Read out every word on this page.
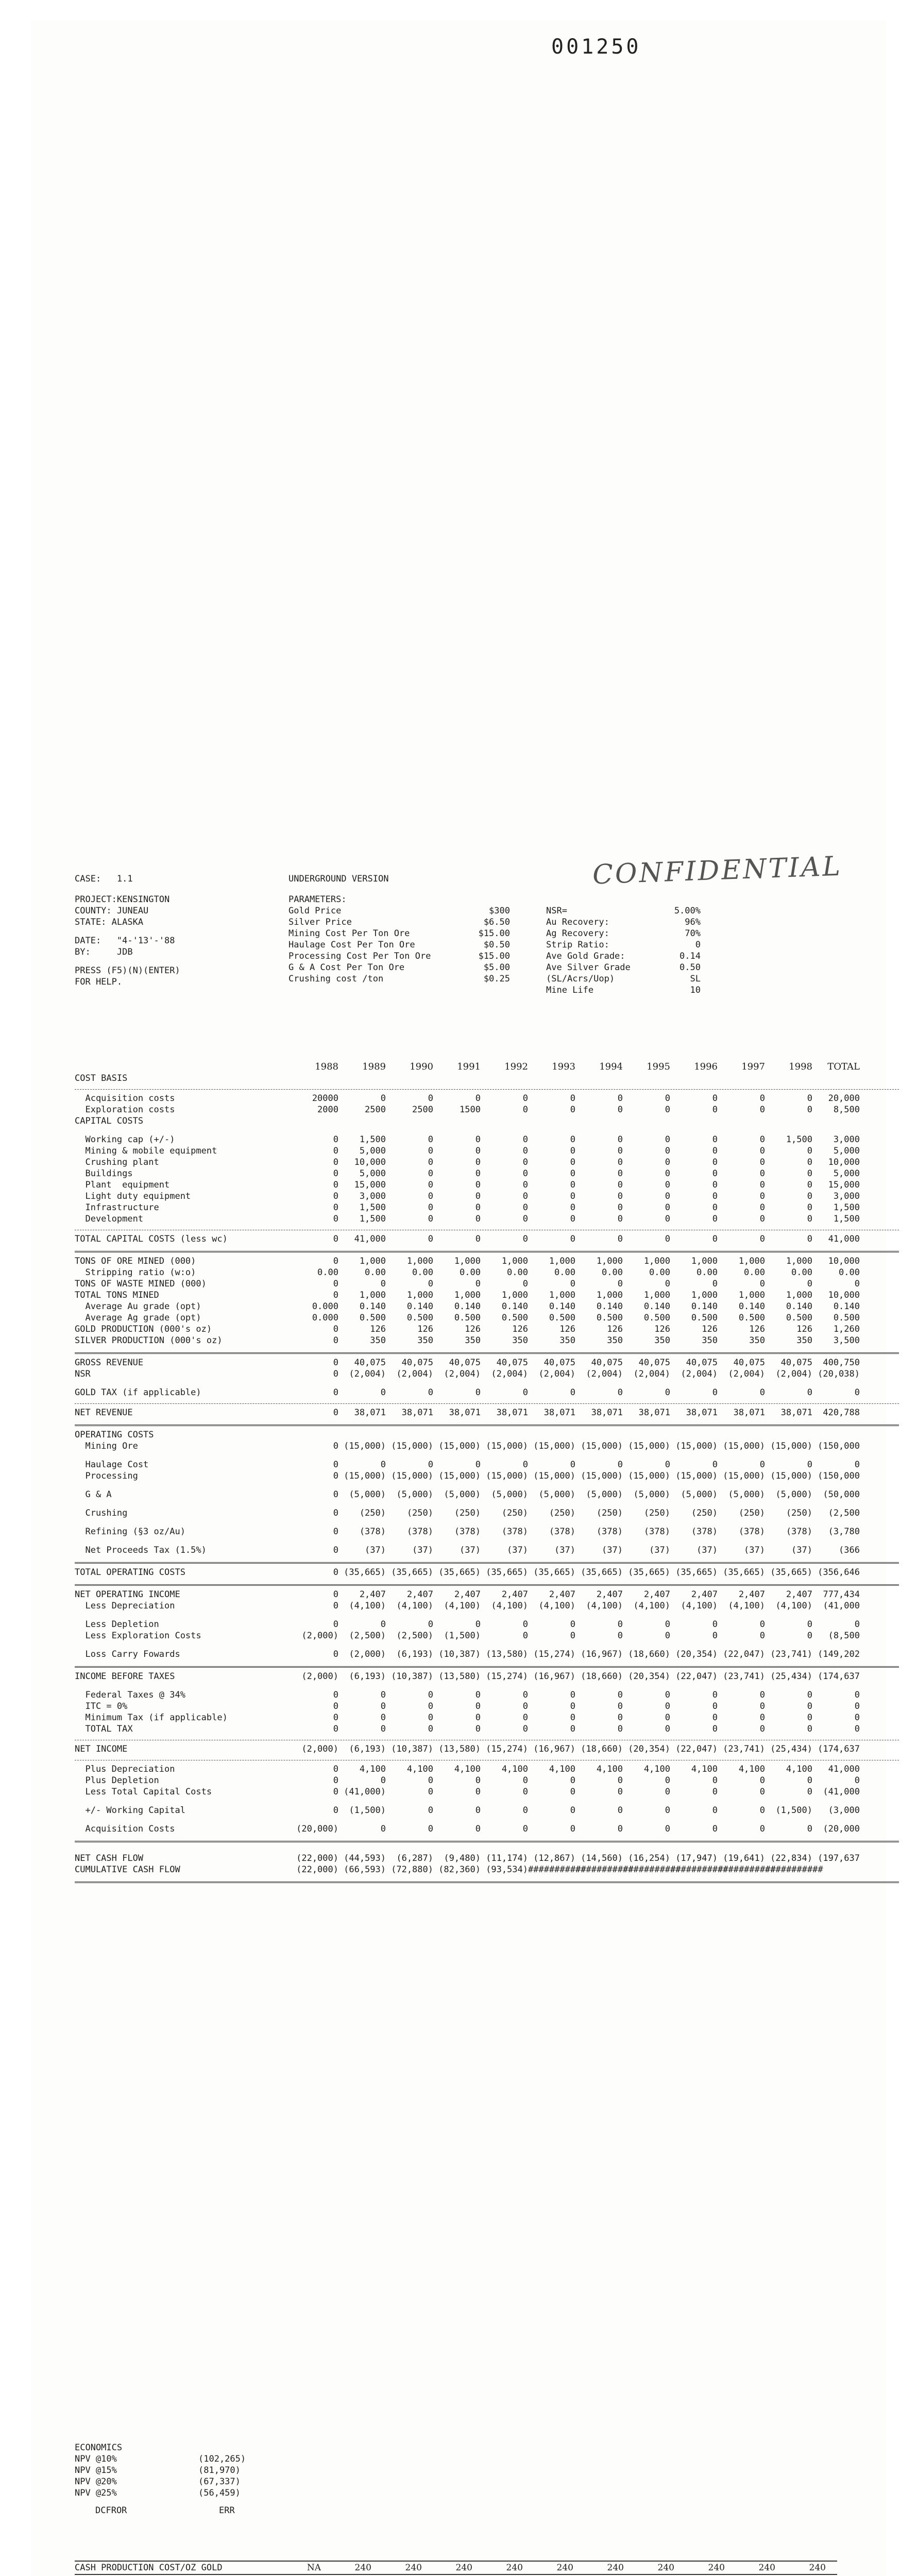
001250
CONFIDENTIAL
CASE: 1.1	UNDERGROUND VERSION
PROJECT:KENSINGTON
COUNTY: JUNEAU
STATE: ALASKA
DATE:   "4-'13'-'88
BY:     JDB
PRESS (F5)(N)(ENTER)
FOR HELP.
PARAMETERS:
Gold Price	$300	NSR=	5.00%
Silver Price	$6.50	Au Recovery:	96%
Mining Cost Per Ton Ore	$15.00	Ag Recovery:	70%
Haulage Cost Per Ton Ore	$0.50	Strip Ratio:	0
Processing Cost Per Ton Ore	$15.00	Ave Gold Grade:	0.14
G & A Cost Per Ton Ore	$5.00	Ave Silver Grade	0.50
Crushing cost /ton	$0.25	(SL/Acrs/Uop)	SL
Mine Life	10
1988	1989	1990	1991	1992	1993	1994	1995	1996	1997	1998	TOTAL
COST BASIS
Acquisition costs	20000	0	0	0	0	0	0	0	0	0	0	20,000
Exploration costs	2000	2500	2500	1500	0	0	0	0	0	0	0	8,500
CAPITAL COSTS
Working cap (+/-)	0	1,500	0	0	0	0	0	0	0	0	1,500	3,000
Mining & mobile equipment	0	5,000	0	0	0	0	0	0	0	0	0	5,000
Crushing plant	0	10,000	0	0	0	0	0	0	0	0	0	10,000
Buildings	0	5,000	0	0	0	0	0	0	0	0	0	5,000
Plant  equipment	0	15,000	0	0	0	0	0	0	0	0	0	15,000
Light duty equipment	0	3,000	0	0	0	0	0	0	0	0	0	3,000
Infrastructure	0	1,500	0	0	0	0	0	0	0	0	0	1,500
Development	0	1,500	0	0	0	0	0	0	0	0	0	1,500
TOTAL CAPITAL COSTS (less wc)	0	41,000	0	0	0	0	0	0	0	0	0	41,000
TONS OF ORE MINED (000)	0	1,000	1,000	1,000	1,000	1,000	1,000	1,000	1,000	1,000	1,000	10,000
Stripping ratio (w:o)	0.00	0.00	0.00	0.00	0.00	0.00	0.00	0.00	0.00	0.00	0.00	0.00
TONS OF WASTE MINED (000)	0	0	0	0	0	0	0	0	0	0	0	0
TOTAL TONS MINED	0	1,000	1,000	1,000	1,000	1,000	1,000	1,000	1,000	1,000	1,000	10,000
Average Au grade (opt)	0.000	0.140	0.140	0.140	0.140	0.140	0.140	0.140	0.140	0.140	0.140	0.140
Average Ag grade (opt)	0.000	0.500	0.500	0.500	0.500	0.500	0.500	0.500	0.500	0.500	0.500	0.500
GOLD PRODUCTION (000's oz)	0	126	126	126	126	126	126	126	126	126	126	1,260
SILVER PRODUCTION (000's oz)	0	350	350	350	350	350	350	350	350	350	350	3,500
GROSS REVENUE	0	40,075	40,075	40,075	40,075	40,075	40,075	40,075	40,075	40,075	40,075	400,750
NSR	0	(2,004)	(2,004)	(2,004)	(2,004)	(2,004)	(2,004)	(2,004)	(2,004)	(2,004)	(2,004) (20,038)
GOLD TAX (if applicable)	0	0	0	0	0	0	0	0	0	0	0	0
NET REVENUE	0	38,071	38,071	38,071	38,071	38,071	38,071	38,071	38,071	38,071	38,071	420,788
OPERATING COSTS
Mining Ore	0 (15,000) (15,000) (15,000) (15,000) (15,000) (15,000) (15,000) (15,000) (15,000) (15,000) (150,000
Haulage Cost	0	0	0	0	0	0	0	0	0	0	0	0
Processing	0 (15,000) (15,000) (15,000) (15,000) (15,000) (15,000) (15,000) (15,000) (15,000) (15,000) (150,000
G & A	0	(5,000)	(5,000)	(5,000)	(5,000)	(5,000)	(5,000)	(5,000)	(5,000)	(5,000)	(5,000)	(50,000
Crushing	0	(250)	(250)	(250)	(250)	(250)	(250)	(250)	(250)	(250)	(250)	(2,500
Refining (§3 oz/Au)	0	(378)	(378)	(378)	(378)	(378)	(378)	(378)	(378)	(378)	(378)	(3,780
Net Proceeds Tax (1.5%)	0	(37)	(37)	(37)	(37)	(37)	(37)	(37)	(37)	(37)	(37)	(366
TOTAL OPERATING COSTS	0 (35,665) (35,665) (35,665) (35,665) (35,665) (35,665) (35,665) (35,665) (35,665) (35,665) (356,646
NET OPERATING INCOME	0	2,407	2,407	2,407	2,407	2,407	2,407	2,407	2,407	2,407	2,407	777,434
Less Depreciation	0	(4,100)	(4,100)	(4,100)	(4,100)	(4,100)	(4,100)	(4,100)	(4,100)	(4,100)	(4,100)	(41,000
Less Depletion	0	0	0	0	0	0	0	0	0	0	0	0
Less Exploration Costs	(2,000)	(2,500)	(2,500)	(1,500)	0	0	0	0	0	0	0	(8,500
Loss Carry Fowards	0	(2,000)	(6,193) (10,387) (13,580) (15,274) (16,967) (18,660) (20,354) (22,047) (23,741) (149,202
INCOME BEFORE TAXES	(2,000)	(6,193) (10,387) (13,580) (15,274) (16,967) (18,660) (20,354) (22,047) (23,741) (25,434) (174,637
Federal Taxes @ 34%	0	0	0	0	0	0	0	0	0	0	0	0
ITC = 0%	0	0	0	0	0	0	0	0	0	0	0	0
Minimum Tax (if applicable)	0	0	0	0	0	0	0	0	0	0	0	0
TOTAL TAX	0	0	0	0	0	0	0	0	0	0	0	0
NET INCOME	(2,000)	(6,193) (10,387) (13,580) (15,274) (16,967) (18,660) (20,354) (22,047) (23,741) (25,434) (174,637
Plus Depreciation	0	4,100	4,100	4,100	4,100	4,100	4,100	4,100	4,100	4,100	4,100	41,000
Plus Depletion	0	0	0	0	0	0	0	0	0	0	0	0
Less Total Capital Costs	0 (41,000)	0	0	0	0	0	0	0	0	0	(41,000
+/- Working Capital	0	(1,500)	0	0	0	0	0	0	0	0	(1,500)	(3,000
Acquisition Costs	(20,000)	0	0	0	0	0	0	0	0	0	0	(20,000
NET CASH FLOW	(22,000) (44,593)	(6,287)	(9,480) (11,174) (12,867) (14,560) (16,254) (17,947) (19,641) (22,834) (197,637
CUMULATIVE CASH FLOW	(22,000) (66,593) (72,880) (82,360) (93,534) ###########
###########
###########
###########
###########
###########
ECONOMICS
NPV @10%	(102,265)
NPV @15%	(81,970)
NPV @20%	(67,337)
NPV @25%	(56,459)
DCFROR	ERR
CASH PRODUCTION COST/OZ GOLD	NA	240	240	240	240	240	240	240	240	240	240
